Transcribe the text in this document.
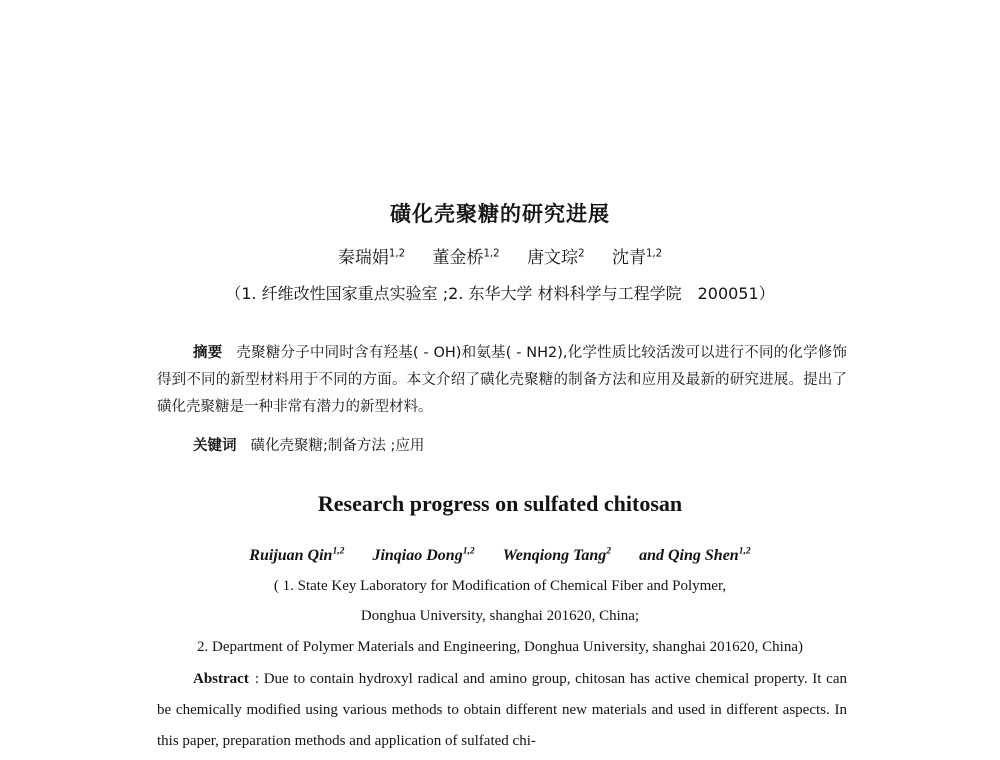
磺化壳聚糖的研究进展
秦瑞娟$^{1,2}$ 董金桥$^{1,2}$ 唐文琮$^2$ 沈青$^{1,2}$
（1. 纤维改性国家重点实验室 ;2. 东华大学 材料科学与工程学院　200051）
摘要 壳聚糖分子中同时含有羟基( - OH)和氨基( - NH2),化学性质比较活泼可以进行不同的化学修饰得到不同的新型材料用于不同的方面。本文介绍了磺化壳聚糖的制备方法和应用及最新的研究进展。提出了磺化壳聚糖是一种非常有潜力的新型材料。
关键词 磺化壳聚糖;制备方法 ;应用
Research progress on sulfated chitosan
Ruijuan Qin$^{1,2}$ Jinqiao Dong$^{1,2}$ Wenqiong Tang$^2$ and Qing Shen$^{1,2}$
( 1. State Key Laboratory for Modification of Chemical Fiber and Polymer,
Donghua University, shanghai 201620, China;
2. Department of Polymer Materials and Engineering, Donghua University, shanghai 201620, China)
Abstract : Due to contain hydroxyl radical and amino group, chitosan has active chemical property. It can be chemically modified using various methods to obtain different new materials and used in different aspects. In this paper, preparation methods and application of sulfated chi-
